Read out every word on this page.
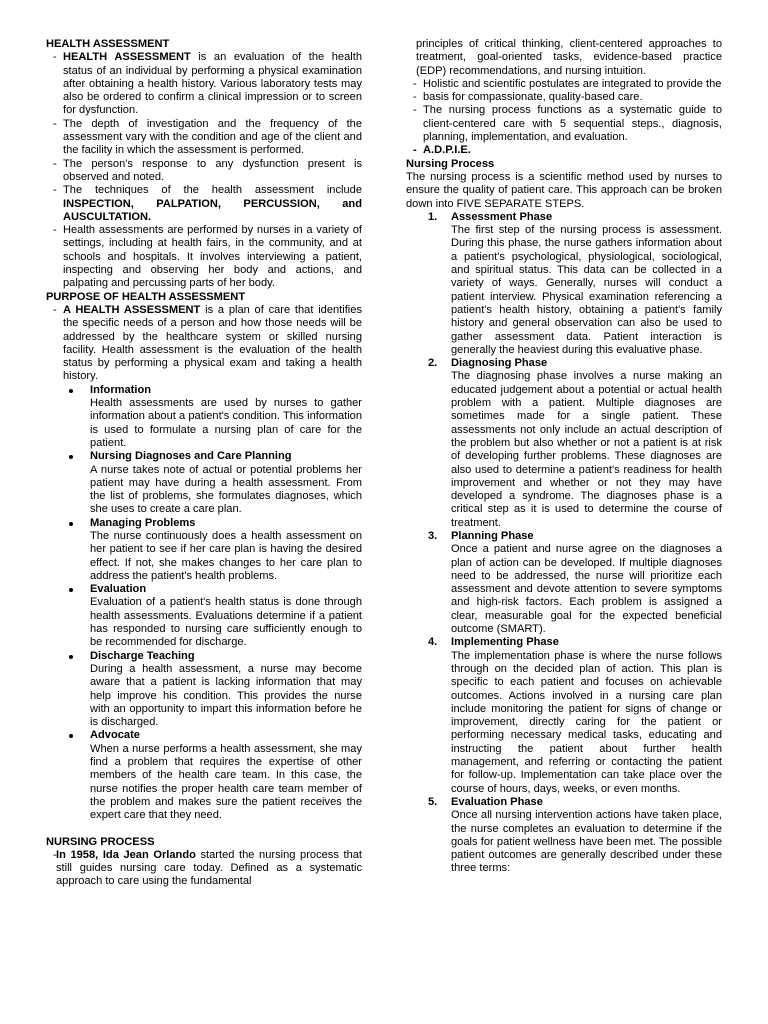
HEALTH ASSESSMENT

- HEALTH ASSESSMENT is an evaluation of the health status of an individual by performing a physical examination after obtaining a health history. Various laboratory tests may also be ordered to confirm a clinical impression or to screen for dysfunction.

- The depth of investigation and the frequency of the assessment vary with the condition and age of the client and the facility in which the assessment is performed.

- The person's response to any dysfunction present is observed and noted.

- The techniques of the health assessment include INSPECTION, PALPATION, PERCUSSION, and AUSCULTATION.

- Health assessments are performed by nurses in a variety of settings, including at health fairs, in the community, and at schools and hospitals. It involves interviewing a patient, inspecting and observing her body and actions, and palpating and percussing parts of her body.

PURPOSE OF HEALTH ASSESSMENT

- A HEALTH ASSESSMENT is a plan of care that identifies the specific needs of a person and how those needs will be addressed by the healthcare system or skilled nursing facility. Health assessment is the evaluation of the health status by performing a physical exam and taking a health history.

Information

Health assessments are used by nurses to gather information about a patient's condition. This information is used to formulate a nursing plan of care for the patient.

Nursing Diagnoses and Care Planning

A nurse takes note of actual or potential problems her patient may have during a health assessment. From the list of problems, she formulates diagnoses, which she uses to create a care plan.

Managing Problems

The nurse continuously does a health assessment on her patient to see if her care plan is having the desired effect. If not, she makes changes to her care plan to address the patient's health problems.

Evaluation

Evaluation of a patient's health status is done through health assessments. Evaluations determine if a patient has responded to nursing care sufficiently enough to be recommended for discharge.

Discharge Teaching

During a health assessment, a nurse may become aware that a patient is lacking information that may help improve his condition. This provides the nurse with an opportunity to impart this information before he is discharged.

Advocate

When a nurse performs a health assessment, she may find a problem that requires the expertise of other members of the health care team. In this case, the nurse notifies the proper health care team member of the problem and makes sure the patient receives the expert care that they need.

NURSING PROCESS

- In 1958, Ida Jean Orlando started the nursing process that still guides nursing care today. Defined as a systematic approach to care using the fundamental

principles of critical thinking, client-centered approaches to treatment, goal-oriented tasks, evidence-based practice (EDP) recommendations, and nursing intuition.

- Holistic and scientific postulates are integrated to provide the

- basis for compassionate, quality-based care.

- The nursing process functions as a systematic guide to client-centered care with 5 sequential steps., diagnosis, planning, implementation, and evaluation.

- A.D.P.I.E.

Nursing Process

The nursing process is a scientific method used by nurses to ensure the quality of patient care. This approach can be broken down into FIVE SEPARATE STEPS.

1. Assessment Phase

The first step of the nursing process is assessment. During this phase, the nurse gathers information about a patient's psychological, physiological, sociological, and spiritual status. This data can be collected in a variety of ways. Generally, nurses will conduct a patient interview. Physical examination referencing a patient's health history, obtaining a patient's family history and general observation can also be used to gather assessment data. Patient interaction is generally the heaviest during this evaluative phase.

2. Diagnosing Phase

The diagnosing phase involves a nurse making an educated judgement about a potential or actual health problem with a patient. Multiple diagnoses are sometimes made for a single patient. These assessments not only include an actual description of the problem but also whether or not a patient is at risk of developing further problems. These diagnoses are also used to determine a patient's readiness for health improvement and whether or not they may have developed a syndrome. The diagnoses phase is a critical step as it is used to determine the course of treatment.

3. Planning Phase

Once a patient and nurse agree on the diagnoses a plan of action can be developed. If multiple diagnoses need to be addressed, the nurse will prioritize each assessment and devote attention to severe symptoms and high-risk factors. Each problem is assigned a clear, measurable goal for the expected beneficial outcome (SMART).

4. Implementing Phase

The implementation phase is where the nurse follows through on the decided plan of action. This plan is specific to each patient and focuses on achievable outcomes. Actions involved in a nursing care plan include monitoring the patient for signs of change or improvement, directly caring for the patient or performing necessary medical tasks, educating and instructing the patient about further health management, and referring or contacting the patient for follow-up. Implementation can take place over the course of hours, days, weeks, or even months.

5. Evaluation Phase

Once all nursing intervention actions have taken place, the nurse completes an evaluation to determine if the goals for patient wellness have been met. The possible patient outcomes are generally described under these three terms:
